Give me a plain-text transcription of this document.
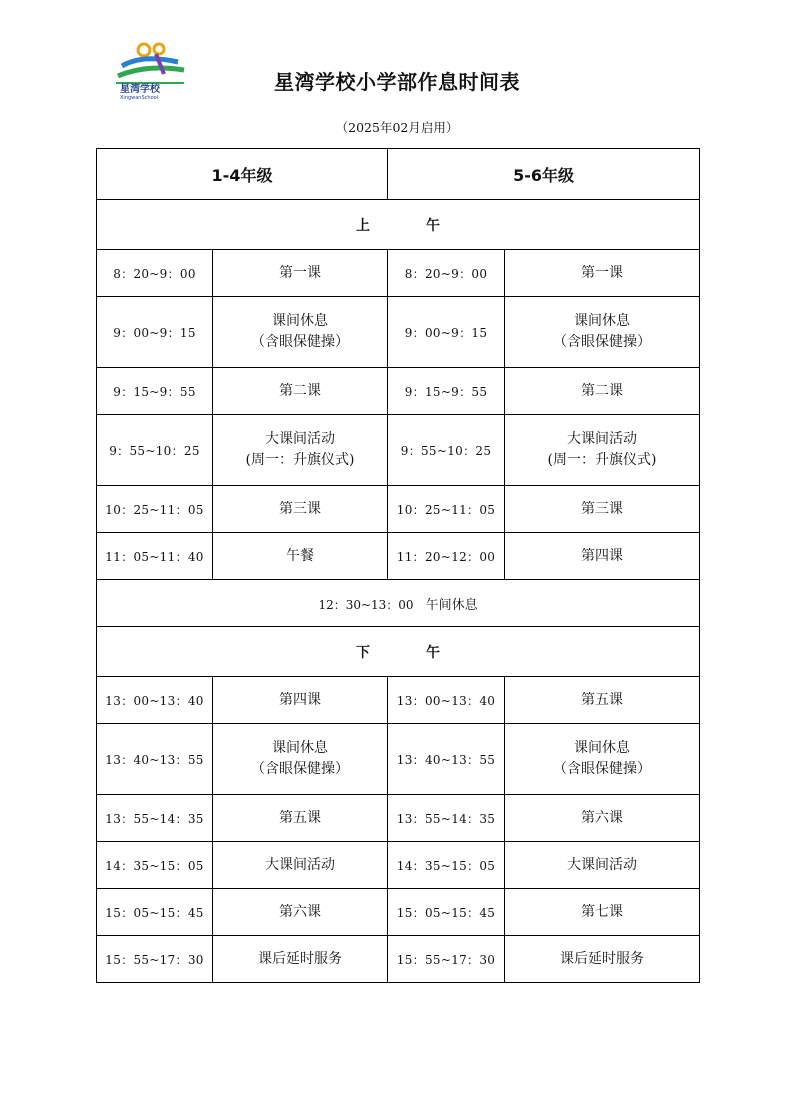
星湾学校
XingwanSchool
星湾学校小学部作息时间表
（2025年02月启用）
1-4年级		5-6年级	
上 午			
8：20~9：00	第一课	8：20~9：00	第一课

9：00~9：15	课间休息
（含眼保健操）	9：00~9：15	课间休息
（含眼保健操）

9：15~9：55	第二课	9：15~9：55	第二课

9：55~10：25	大课间活动
(周一：升旗仪式)	9：55~10：25	大课间活动
(周一：升旗仪式)

10：25~11：05	第三课	10：25~11：05	第三课

11：05~11：40	午餐	11：20~12：00	第四课

12：30~13：00 午间休息			
下 午			
13：00~13：40	第四课	13：00~13：40	第五课

13：40~13：55	课间休息
（含眼保健操）	13：40~13：55	课间休息
（含眼保健操）

13：55~14：35	第五课	13：55~14：35	第六课

14：35~15：05	大课间活动	14：35~15：05	大课间活动

15：05~15：45	第六课	15：05~15：45	第七课

15：55~17：30	课后延时服务	15：55~17：30	课后延时服务
